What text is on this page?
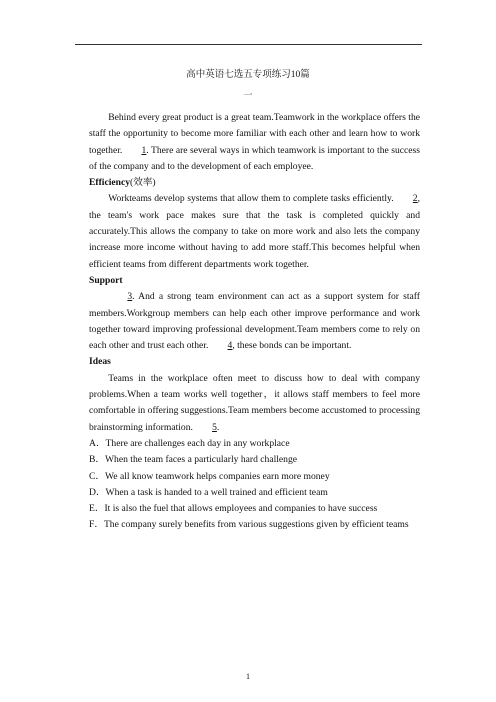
高中英语七选五专项练习10篇
一

Behind every great product is a great team.Teamwork in the workplace offers the staff the opportunity to become more familiar with each other and learn how to work together.1. There are several ways in which teamwork is important to the success of the company and to the development of each employee.

Efficiency(效率)

Workteams develop systems that allow them to complete tasks efficiently.2, the team's work pace makes sure that the task is completed quickly and accurately.This allows the company to take on more work and also lets the company increase more income without having to add more staff.This becomes helpful when efficient teams from different departments work together.

Support

3. And a strong team environment can act as a support system for staff members.Workgroup members can help each other improve performance and work together toward improving professional development.Team members come to rely on each other and trust each other.4, these bonds can be important.

Ideas

Teams in the workplace often meet to discuss how to deal with company problems.When a team works well together，it allows staff members to feel more comfortable in offering suggestions.Team members become accustomed to processing brainstorming information.5.

A．There are challenges each day in any workplace

B．When the team faces a particularly hard challenge

C．We all know teamwork helps companies earn more money

D．When a task is handed to a well trained and efficient team

E．It is also the fuel that allows employees and companies to have success

F．The company surely benefits from various suggestions given by efficient teams

1
